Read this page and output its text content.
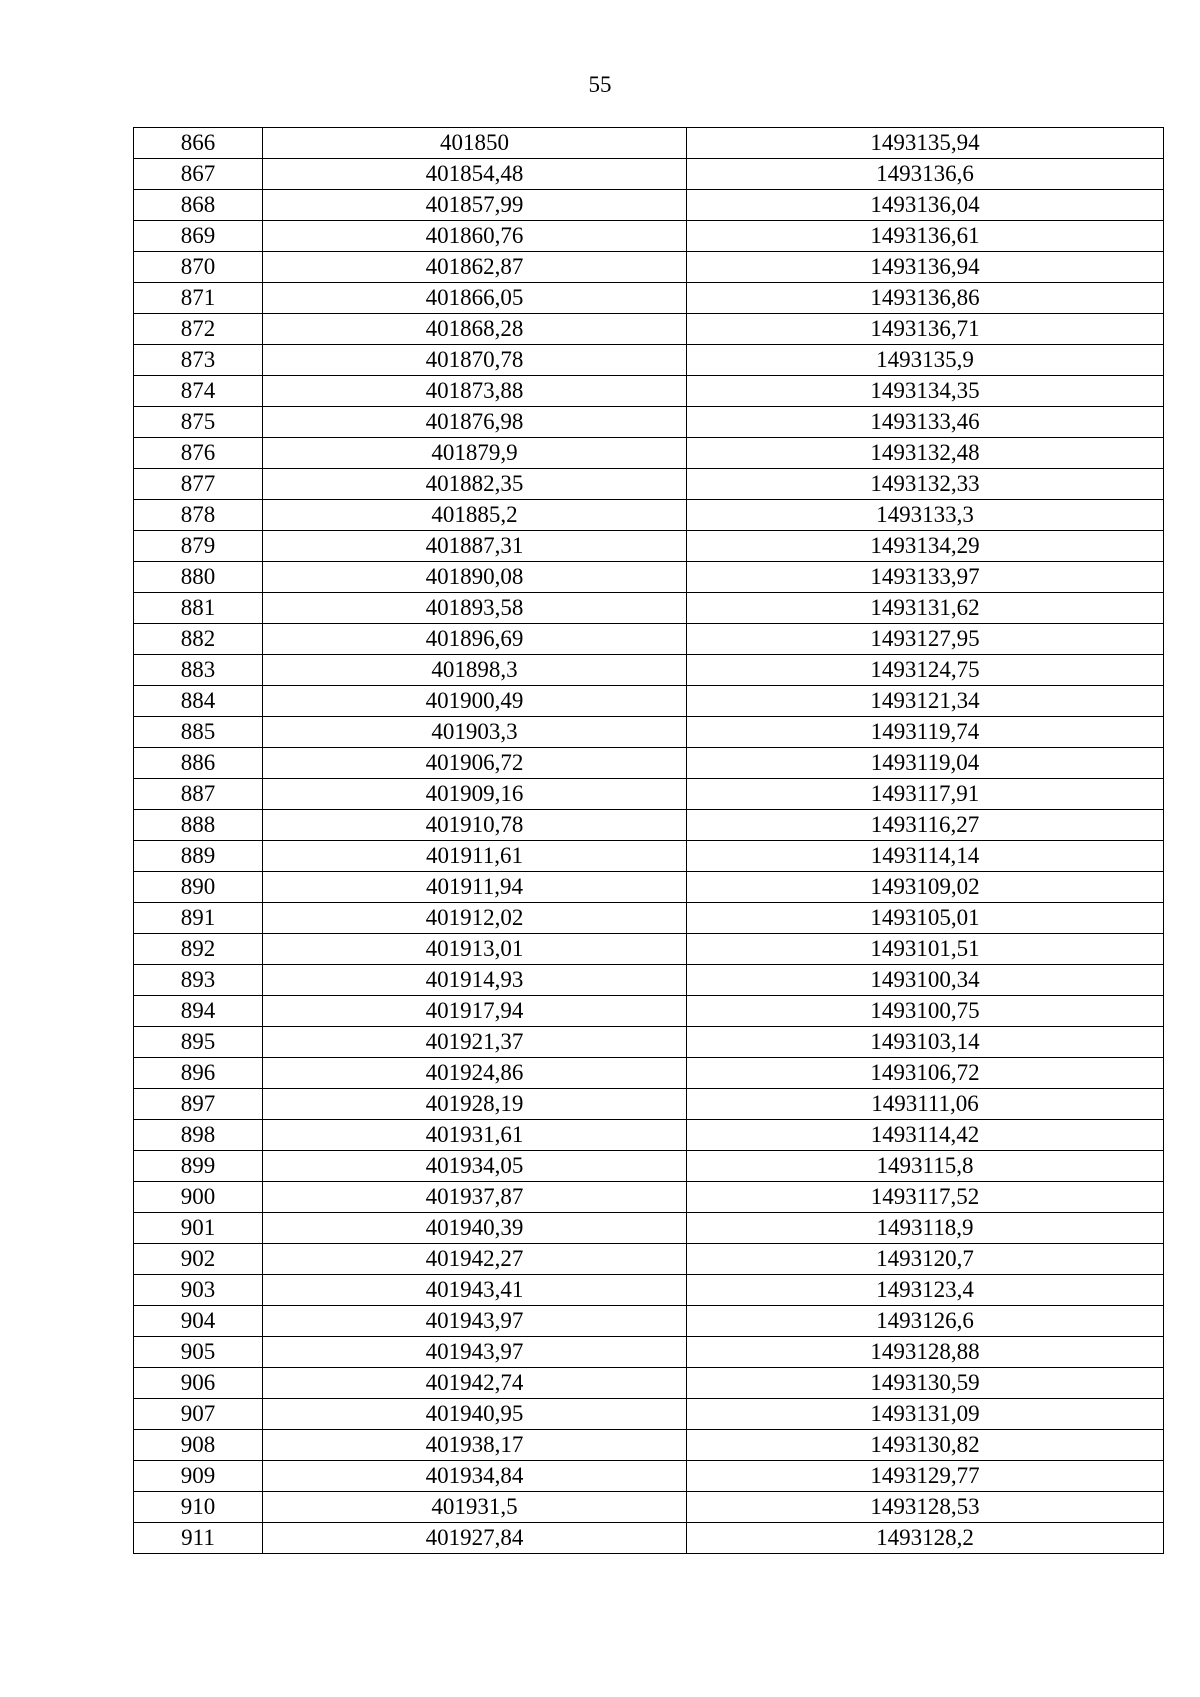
55
866	401850	1493135,94
867	401854,48	1493136,6
868	401857,99	1493136,04
869	401860,76	1493136,61
870	401862,87	1493136,94
871	401866,05	1493136,86
872	401868,28	1493136,71
873	401870,78	1493135,9
874	401873,88	1493134,35
875	401876,98	1493133,46
876	401879,9	1493132,48
877	401882,35	1493132,33
878	401885,2	1493133,3
879	401887,31	1493134,29
880	401890,08	1493133,97
881	401893,58	1493131,62
882	401896,69	1493127,95
883	401898,3	1493124,75
884	401900,49	1493121,34
885	401903,3	1493119,74
886	401906,72	1493119,04
887	401909,16	1493117,91
888	401910,78	1493116,27
889	401911,61	1493114,14
890	401911,94	1493109,02
891	401912,02	1493105,01
892	401913,01	1493101,51
893	401914,93	1493100,34
894	401917,94	1493100,75
895	401921,37	1493103,14
896	401924,86	1493106,72
897	401928,19	1493111,06
898	401931,61	1493114,42
899	401934,05	1493115,8
900	401937,87	1493117,52
901	401940,39	1493118,9
902	401942,27	1493120,7
903	401943,41	1493123,4
904	401943,97	1493126,6
905	401943,97	1493128,88
906	401942,74	1493130,59
907	401940,95	1493131,09
908	401938,17	1493130,82
909	401934,84	1493129,77
910	401931,5	1493128,53
911	401927,84	1493128,2
